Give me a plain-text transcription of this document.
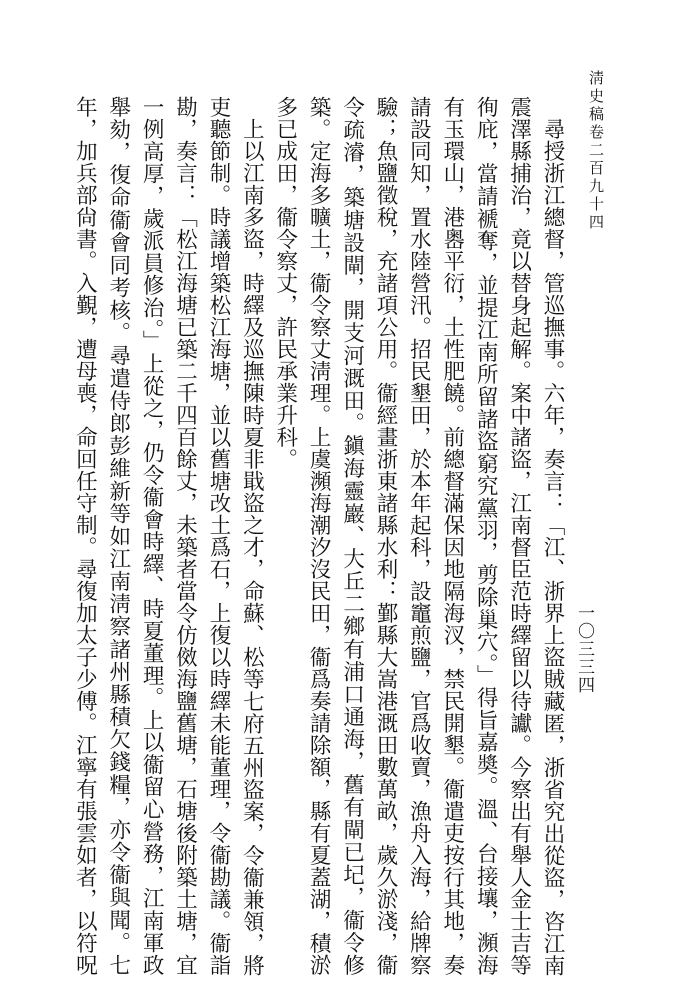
淸史稿卷二百九十四
一〇三三四

尋授浙江總督，管巡撫事。六年，奏言：「江、浙界上盜賊藏匿，浙省究出從盜，咨江南震澤縣捕治，竟以替身起解。案中諸盜，江南督臣范時繹留以待讞。今察出有舉人金士吉等徇庇，當請褫奪，並提江南所留諸盜窮究黨羽，剪除巢穴。」得旨嘉奬。溫、台接壤，瀕海有玉環山，港嶴平衍，土性肥饒。前總督滿保因地隔海汊，禁民開墾。衞遣吏按行其地，奏請設同知，置水陸營汛。招民墾田，於本年起科，設竈煎鹽，官爲收賣，漁舟入海，給牌察驗；魚鹽徵稅，充諸項公用。衞經畫浙東諸縣水利：鄞縣大嵩港溉田數萬畝，歲久淤淺，衞令疏濬，築塘設閘，開支河溉田。鎭海靈巖、大丘二鄉有浦口通海，舊有閘已圮，衞令修築。定海多曠土，衞令察丈淸理。上虞瀕海潮汐沒民田，衞爲奏請除額，縣有夏蓋湖，積淤多已成田，衞令察丈，許民承業升科。

上以江南多盜，時繹及巡撫陳時夏非戢盜之才，命蘇、松等七府五州盜案，令衞兼領，將吏聽節制。時議增築松江海塘，並以舊塘改土爲石，上復以時繹未能董理，令衞勘議。衞詣勘，奏言：「松江海塘已築二千四百餘丈，未築者當令仿傚海鹽舊塘，石塘後附築土塘，宜一例高厚，歲派員修治。」上從之，仍令衞會時繹、時夏董理。上以衞留心營務，江南軍政舉劾，復命衞會同考核。尋遣侍郎彭維新等如江南淸察諸州縣積欠錢糧，亦令衞與聞。七年，加兵部尙書。入覲，遭母喪，命回任守制。尋復加太子少傅。江寧有張雲如者，以符呪
